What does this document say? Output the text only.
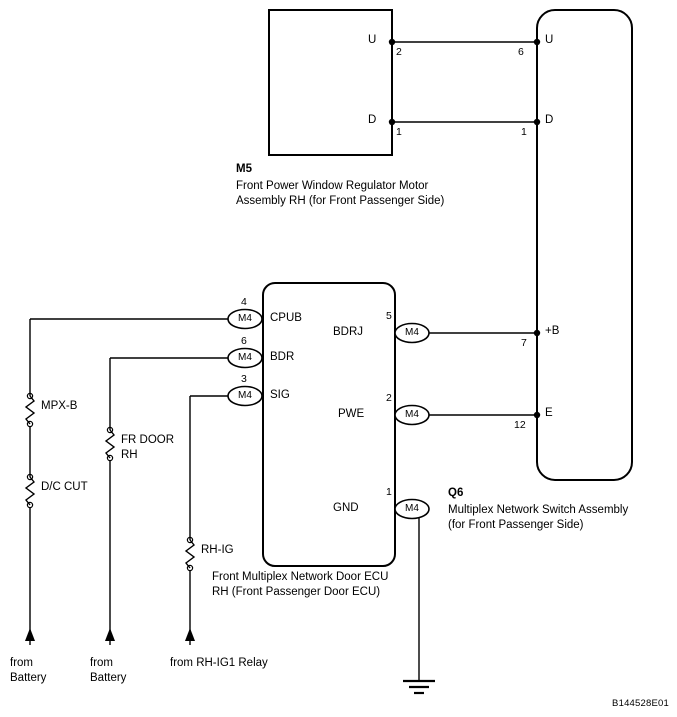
U
2
D
1
M5
Front Power Window Regulator Motor
Assembly RH (for Front Passenger Side)
U
6
D
1
+B
7
E
12
Q6
Multiplex Network Switch Assembly
(for Front Passenger Side)
CPUB
BDR
SIG
4
6
3
M4
M4
M4
BDRJ
PWE
GND
5
2
1
M4
M4
M4
Front Multiplex Network Door ECU
RH (Front Passenger Door ECU)
MPX-B
D/C CUT
FR DOOR
RH
RH-IG
from
Battery
from
Battery
from RH-IG1 Relay
B144528E01
